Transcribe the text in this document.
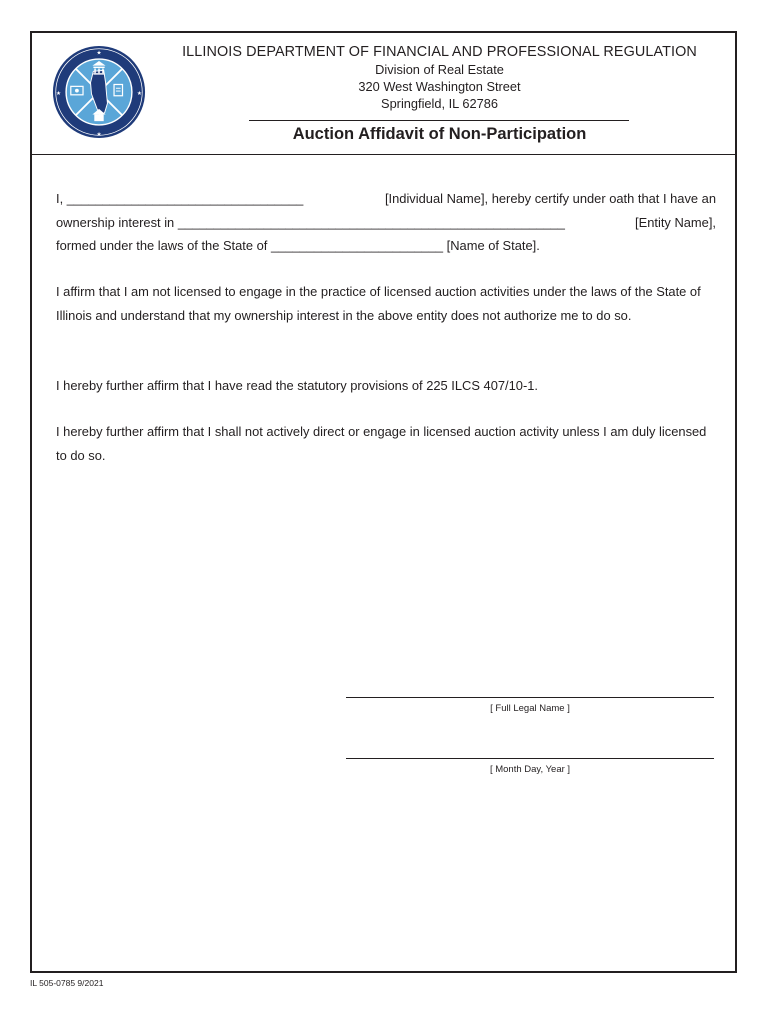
★
★
★	★
ILLINOIS DEPARTMENT OF FINANCIAL AND PROFESSIONAL REGULATION
Division of Real Estate
320 West Washington Street
Springfield, IL 62786
Auction Affidavit of Non-Participation
I, _________________________________	[Individual Name], hereby certify under oath that I have an
ownership interest in ______________________________________________________	[Entity Name],
formed under the laws of the State of ________________________ [Name of State].
I affirm that I am not licensed to engage in the practice of licensed auction activities under the laws of the State of Illinois and understand that my ownership interest in the above entity does not authorize me to do so.
I hereby further affirm that I have read the statutory provisions of 225 ILCS 407/10-1.
I hereby further affirm that I shall not actively direct or engage in licensed auction activity unless I am duly licensed to do so.
[ Full Legal Name ]
[ Month Day, Year ]
IL 505-0785 9/2021
